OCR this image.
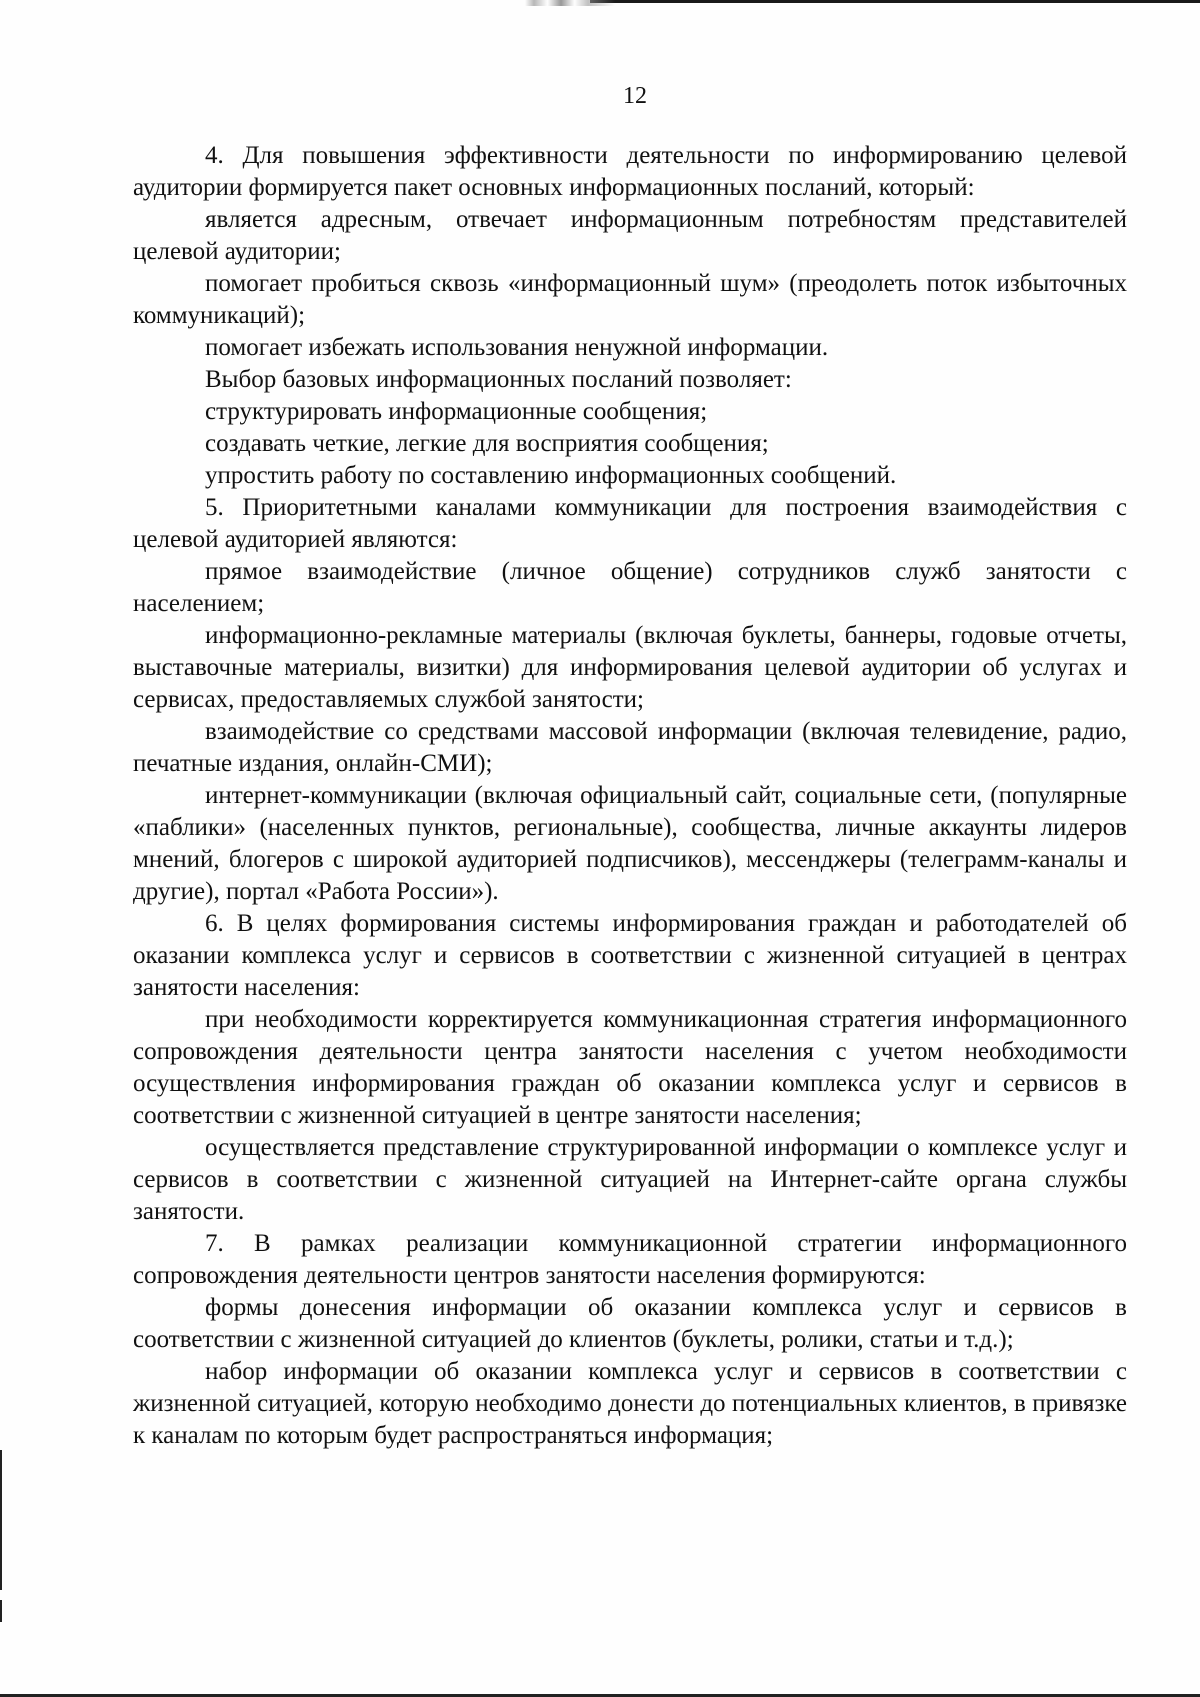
12

4. Для повышения эффективности деятельности по информированию целевой аудитории формируется пакет основных информационных посланий, который:

является адресным, отвечает информационным потребностям представителей целевой аудитории;

помогает пробиться сквозь «информационный шум» (преодолеть поток избыточных коммуникаций);

помогает избежать использования ненужной информации.

Выбор базовых информационных посланий позволяет:

структурировать информационные сообщения;

создавать четкие, легкие для восприятия сообщения;

упростить работу по составлению информационных сообщений.

5. Приоритетными каналами коммуникации для построения взаимодействия с целевой аудиторией являются:

прямое взаимодействие (личное общение) сотрудников служб занятости с населением;

информационно-рекламные материалы (включая буклеты, баннеры, годовые отчеты, выставочные материалы, визитки) для информирования целевой аудитории об услугах и сервисах, предоставляемых службой занятости;

взаимодействие со средствами массовой информации (включая телевидение, радио, печатные издания, онлайн-СМИ);

интернет-коммуникации (включая официальный сайт, социальные сети, (популярные «паблики» (населенных пунктов, региональные), сообщества, личные аккаунты лидеров мнений, блогеров с широкой аудиторией подписчиков), мессенджеры (телеграмм-каналы и другие), портал «Работа России»).

6. В целях формирования системы информирования граждан и работодателей об оказании комплекса услуг и сервисов в соответствии с жизненной ситуацией в центрах занятости населения:

при необходимости корректируется коммуникационная стратегия информационного сопровождения деятельности центра занятости населения с учетом необходимости осуществления информирования граждан об оказании комплекса услуг и сервисов в соответствии с жизненной ситуацией в центре занятости населения;

осуществляется представление структурированной информации о комплексе услуг и сервисов в соответствии с жизненной ситуацией на Интернет-сайте органа службы занятости.

7. В рамках реализации коммуникационной стратегии информационного сопровождения деятельности центров занятости населения формируются:

формы донесения информации об оказании комплекса услуг и сервисов в соответствии с жизненной ситуацией до клиентов (буклеты, ролики, статьи и т.д.);

набор информации об оказании комплекса услуг и сервисов в соответствии с жизненной ситуацией, которую необходимо донести до потенциальных клиентов, в привязке к каналам по которым будет распространяться информация;
